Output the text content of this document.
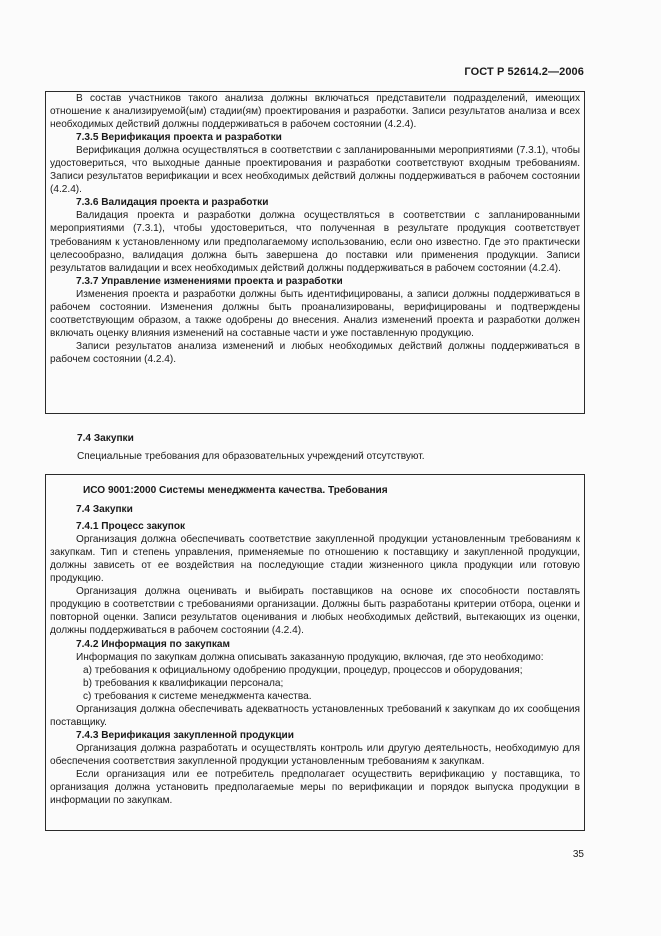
ГОСТ Р 52614.2—2006

В состав участников такого анализа должны включаться представители подразделений, имеющих отношение к анализируемой(ым) стадии(ям) проектирования и разработки. Записи результатов анализа и всех необходимых действий должны поддерживаться в рабочем состоянии (4.2.4).

7.3.5 Верификация проекта и разработки

Верификация должна осуществляться в соответствии с запланированными мероприятиями (7.3.1), чтобы удостовериться, что выходные данные проектирования и разработки соответствуют входным требованиям. Записи результатов верификации и всех необходимых действий должны поддерживаться в рабочем состоянии (4.2.4).

7.3.6 Валидация проекта и разработки

Валидация проекта и разработки должна осуществляться в соответствии с запланированными мероприятиями (7.3.1), чтобы удостовериться, что полученная в результате продукция соответствует требованиям к установленному или предполагаемому использованию, если оно известно. Где это практически целесообразно, валидация должна быть завершена до поставки или применения продукции. Записи результатов валидации и всех необходимых действий должны поддерживаться в рабочем состоянии (4.2.4).

7.3.7 Управление изменениями проекта и разработки

Изменения проекта и разработки должны быть идентифицированы, а записи должны поддерживаться в рабочем состоянии. Изменения должны быть проанализированы, верифицированы и подтверждены соответствующим образом, а также одобрены до внесения. Анализ изменений проекта и разработки должен включать оценку влияния изменений на составные части и уже поставленную продукцию.

Записи результатов анализа изменений и любых необходимых действий должны поддерживаться в рабочем состоянии (4.2.4).

7.4 Закупки
Специальные требования для образовательных учреждений отсутствуют.

ИСО 9001:2000 Системы менеджмента качества. Требования

7.4 Закупки

7.4.1 Процесс закупок

Организация должна обеспечивать соответствие закупленной продукции установленным требованиям к закупкам. Тип и степень управления, применяемые по отношению к поставщику и закупленной продукции, должны зависеть от ее воздействия на последующие стадии жизненного цикла продукции или готовую продукцию.

Организация должна оценивать и выбирать поставщиков на основе их способности поставлять продукцию в соответствии с требованиями организации. Должны быть разработаны критерии отбора, оценки и повторной оценки. Записи результатов оценивания и любых необходимых действий, вытекающих из оценки, должны поддерживаться в рабочем состоянии (4.2.4).

7.4.2 Информация по закупкам

Информация по закупкам должна описывать заказанную продукцию, включая, где это необходимо:

a) требования к официальному одобрению продукции, процедур, процессов и оборудования;

b) требования к квалификации персонала;

c) требования к системе менеджмента качества.

Организация должна обеспечивать адекватность установленных требований к закупкам до их сообщения поставщику.

7.4.3 Верификация закупленной продукции

Организация должна разработать и осуществлять контроль или другую деятельность, необходимую для обеспечения соответствия закупленной продукции установленным требованиям к закупкам.

Если организация или ее потребитель предполагает осуществить верификацию у поставщика, то организация должна установить предполагаемые меры по верификации и порядок выпуска продукции в информации по закупкам.

35
